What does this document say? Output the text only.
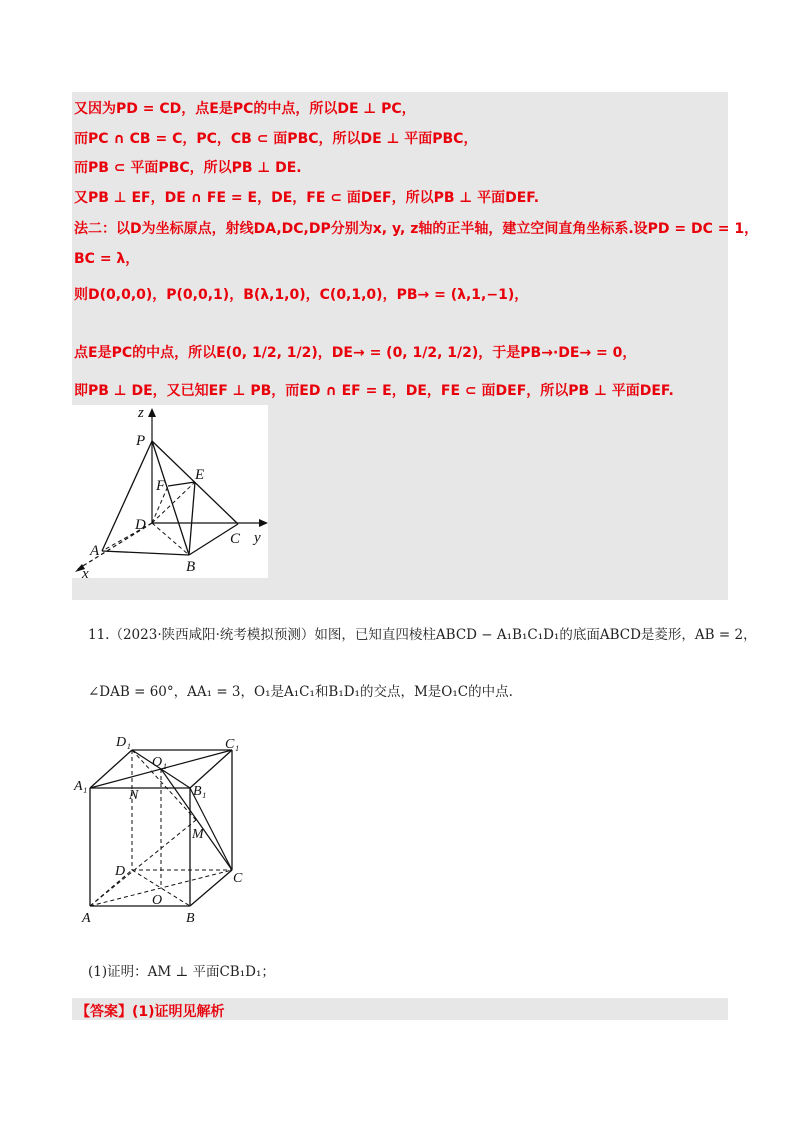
又因为PD = CD，点E是PC的中点，所以DE ⊥ PC，
而PC ∩ CB = C，PC，CB ⊂ 面PBC，所以DE ⊥ 平面PBC，
而PB ⊂ 平面PBC，所以PB ⊥ DE.
又PB ⊥ EF，DE ∩ FE = E，DE，FE ⊂ 面DEF，所以PB ⊥ 平面DEF.
法二：以D为坐标原点，射线DA,DC,DP分别为x, y, z轴的正半轴，建立空间直角坐标系.设PD = DC = 1，
BC = λ，
则D(0,0,0)，P(0,0,1)，B(λ,1,0)，C(0,1,0)，PB→ = (λ,1,−1)，
点E是PC的中点，所以E(0, 1/2, 1/2)，DE→ = (0, 1/2, 1/2)，于是PB→·DE→ = 0，
即PB ⊥ DE，又已知EF ⊥ PB，而ED ∩ EF = E，DE，FE ⊂ 面DEF，所以PB ⊥ 平面DEF.
z
P
E
F
D
C y
A
B
x
11.（2023·陕西咸阳·统考模拟预测）如图，已知直四棱柱ABCD − A₁B₁C₁D₁的底面ABCD是菱形，AB = 2，
∠DAB = 60°，AA₁ = 3，O₁是A₁C₁和B₁D₁的交点，M是O₁C的中点.
D₁	C₁
O₁
A₁	B₁
N
M
D	C
O
A	B
(1)证明：AM ⊥ 平面CB₁D₁；
【答案】(1)证明见解析
